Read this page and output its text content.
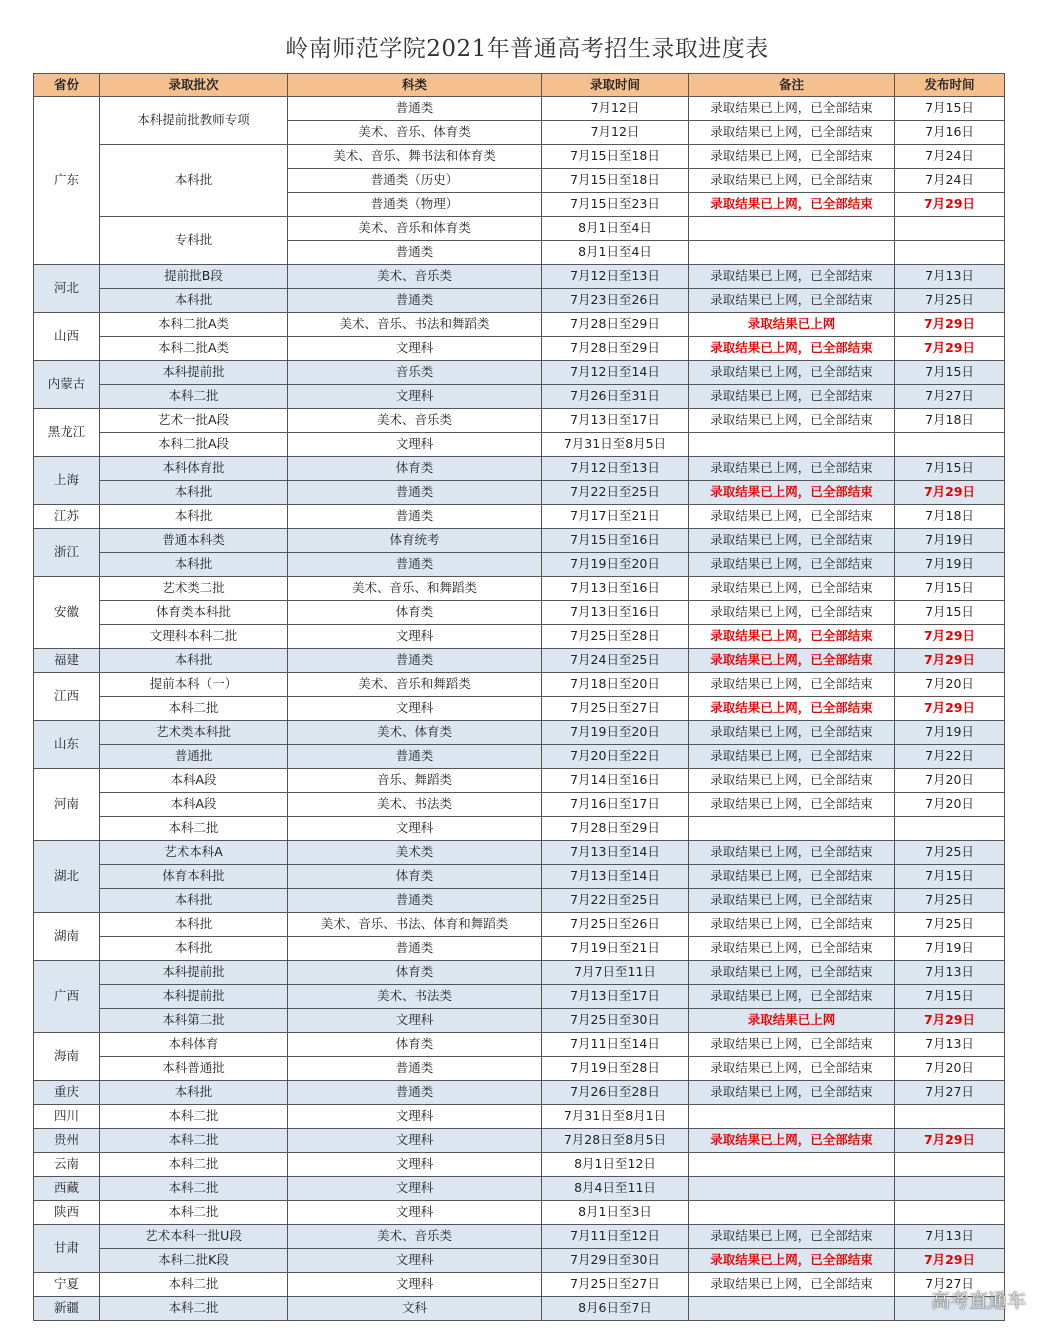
岭南师范学院2021年普通高考招生录取进度表
省份	录取批次	科类	录取时间	备注	发布时间
广东	本科提前批教师专项	普通类	7月12日	录取结果已上网，已全部结束	7月15日
		美术、音乐、体育类	7月12日	录取结果已上网，已全部结束	7月16日
	本科批	美术、音乐、舞书法和体育类	7月15日至18日	录取结果已上网，已全部结束	7月24日
		普通类（历史）	7月15日至18日	录取结果已上网，已全部结束	7月24日
		普通类（物理）	7月15日至23日	录取结果已上网，已全部结束	7月29日
	专科批	美术、音乐和体育类	8月1日至4日		
		普通类	8月1日至4日		
河北	提前批B段	美术、音乐类	7月12日至13日	录取结果已上网，已全部结束	7月13日
	本科批	普通类	7月23日至26日	录取结果已上网，已全部结束	7月25日
山西	本科二批A类	美术、音乐、书法和舞蹈类	7月28日至29日	录取结果已上网	7月29日
	本科二批A类	文理科	7月28日至29日	录取结果已上网，已全部结束	7月29日
内蒙古	本科提前批	音乐类	7月12日至14日	录取结果已上网，已全部结束	7月15日
	本科二批	文理科	7月26日至31日	录取结果已上网，已全部结束	7月27日
黑龙江	艺术一批A段	美术、音乐类	7月13日至17日	录取结果已上网，已全部结束	7月18日
	本科二批A段	文理科	7月31日至8月5日		
上海	本科体育批	体育类	7月12日至13日	录取结果已上网，已全部结束	7月15日
	本科批	普通类	7月22日至25日	录取结果已上网，已全部结束	7月29日
江苏	本科批	普通类	7月17日至21日	录取结果已上网，已全部结束	7月18日
浙江	普通本科类	体育统考	7月15日至16日	录取结果已上网，已全部结束	7月19日
	本科批	普通类	7月19日至20日	录取结果已上网，已全部结束	7月19日
安徽	艺术类二批	美术、音乐、和舞蹈类	7月13日至16日	录取结果已上网，已全部结束	7月15日
	体育类本科批	体育类	7月13日至16日	录取结果已上网，已全部结束	7月15日
	文理科本科二批	文理科	7月25日至28日	录取结果已上网，已全部结束	7月29日
福建	本科批	普通类	7月24日至25日	录取结果已上网，已全部结束	7月29日
江西	提前本科（一）	美术、音乐和舞蹈类	7月18日至20日	录取结果已上网，已全部结束	7月20日
	本科二批	文理科	7月25日至27日	录取结果已上网，已全部结束	7月29日
山东	艺术类本科批	美术、体育类	7月19日至20日	录取结果已上网，已全部结束	7月19日
	普通批	普通类	7月20日至22日	录取结果已上网，已全部结束	7月22日
河南	本科A段	音乐、舞蹈类	7月14日至16日	录取结果已上网，已全部结束	7月20日
	本科A段	美术、书法类	7月16日至17日	录取结果已上网，已全部结束	7月20日
	本科二批	文理科	7月28日至29日		
湖北	艺术本科A	美术类	7月13日至14日	录取结果已上网，已全部结束	7月25日
	体育本科批	体育类	7月13日至14日	录取结果已上网，已全部结束	7月15日
	本科批	普通类	7月22日至25日	录取结果已上网，已全部结束	7月25日
湖南	本科批	美术、音乐、书法、体育和舞蹈类	7月25日至26日	录取结果已上网，已全部结束	7月25日
	本科批	普通类	7月19日至21日	录取结果已上网，已全部结束	7月19日
广西	本科提前批	体育类	7月7日至11日	录取结果已上网，已全部结束	7月13日
	本科提前批	美术、书法类	7月13日至17日	录取结果已上网，已全部结束	7月15日
	本科第二批	文理科	7月25日至30日	录取结果已上网	7月29日
海南	本科体育	体育类	7月11日至14日	录取结果已上网，已全部结束	7月13日
	本科普通批	普通类	7月19日至28日	录取结果已上网，已全部结束	7月20日
重庆	本科批	普通类	7月26日至28日	录取结果已上网，已全部结束	7月27日
四川	本科二批	文理科	7月31日至8月1日		
贵州	本科二批	文理科	7月28日至8月5日	录取结果已上网，已全部结束	7月29日
云南	本科二批	文理科	8月1日至12日		
西藏	本科二批	文理科	8月4日至11日		
陕西	本科二批	文理科	8月1日至3日		
甘肃	艺术本科一批U段	美术、音乐类	7月11日至12日	录取结果已上网，已全部结束	7月13日
	本科二批K段	文理科	7月29日至30日	录取结果已上网，已全部结束	7月29日
宁夏	本科二批	文理科	7月25日至27日	录取结果已上网，已全部结束	7月27日
新疆	本科二批	文科	8月6日至7日			高考直通车
